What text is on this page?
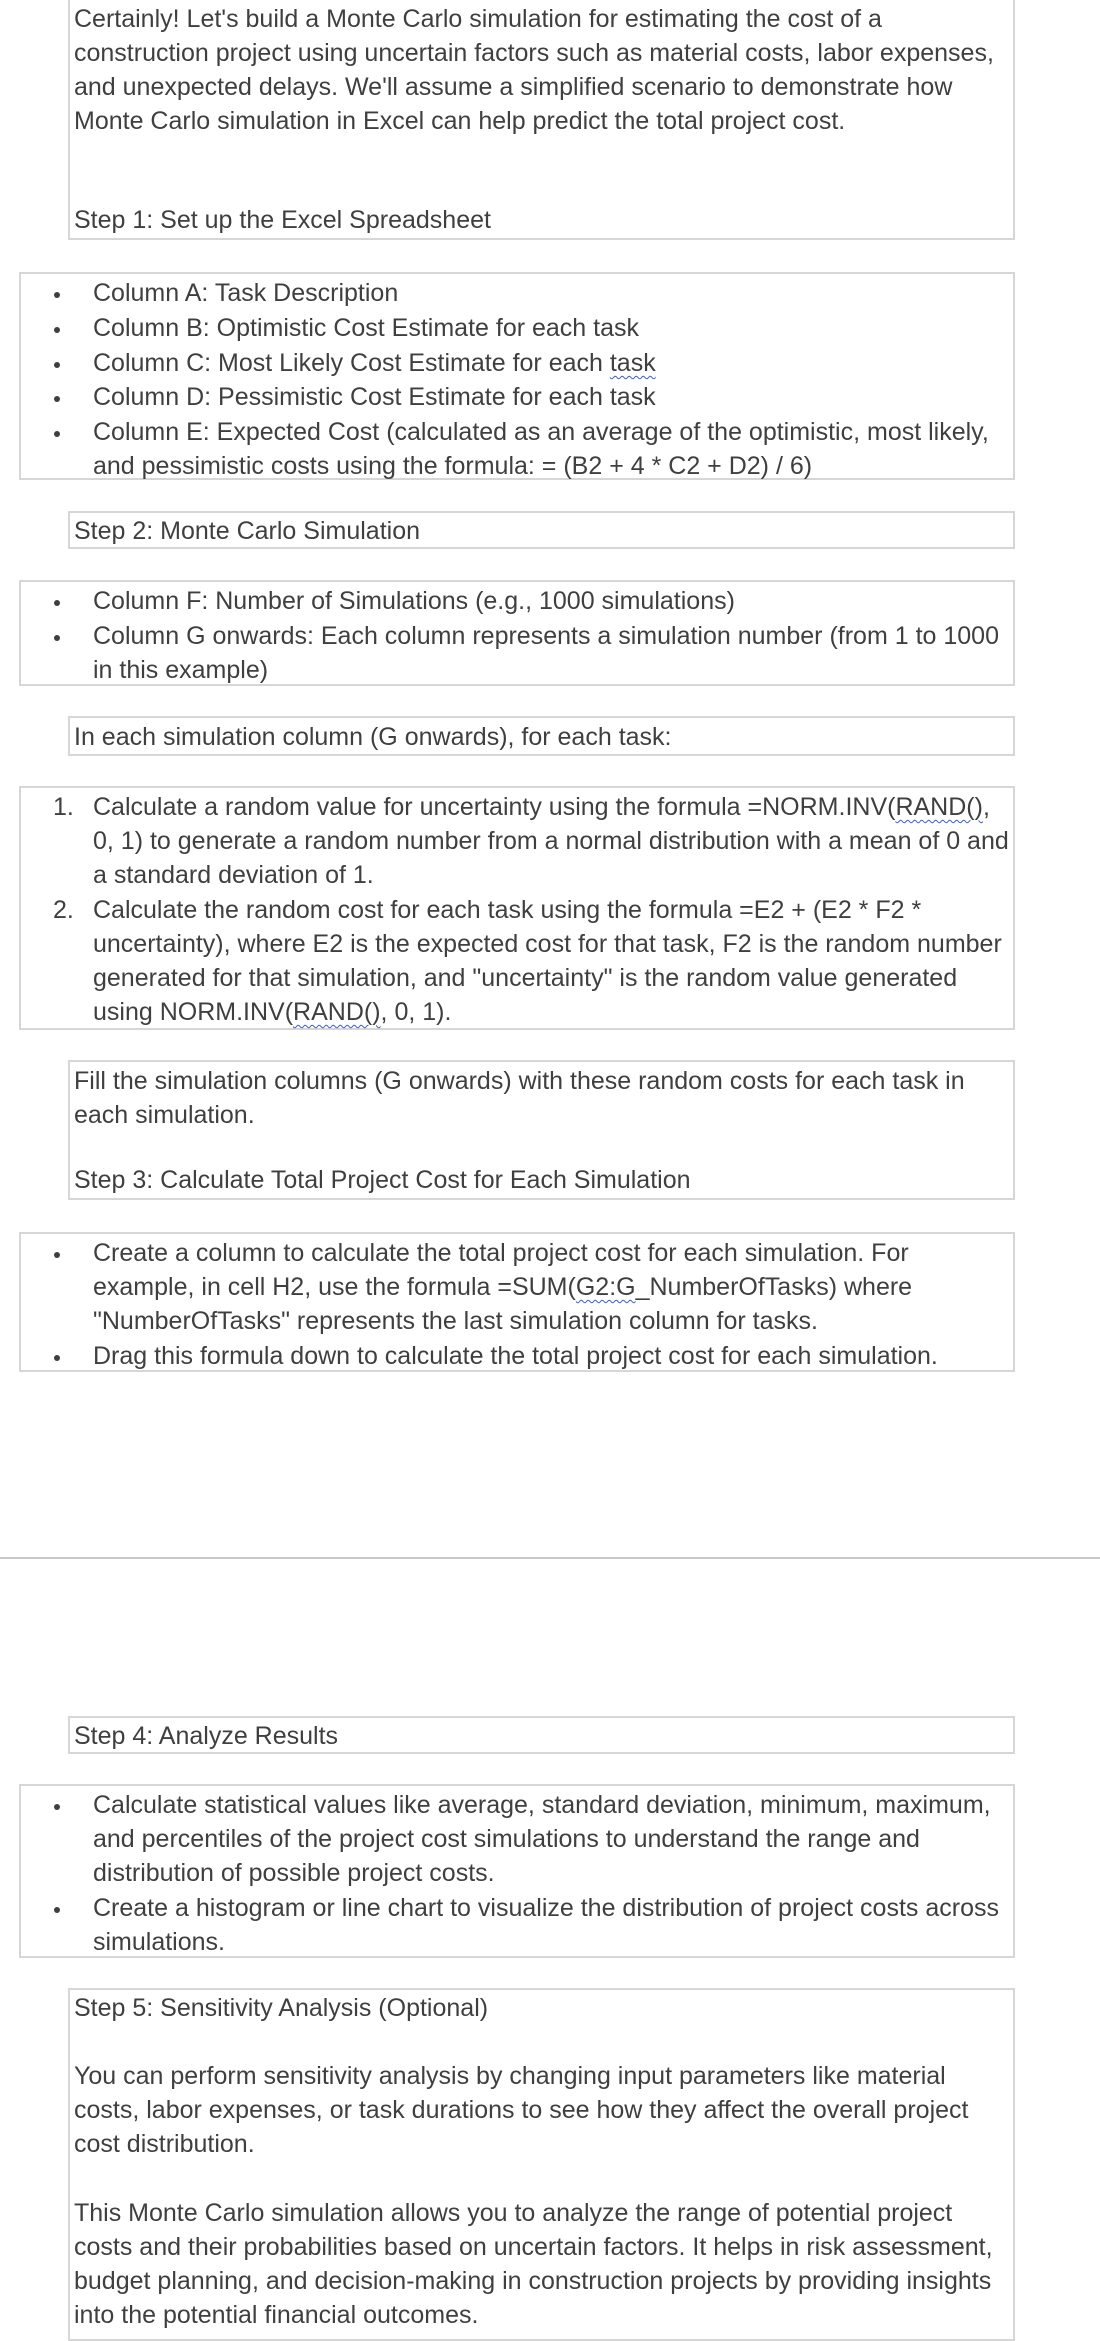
Certainly! Let's build a Monte Carlo simulation for estimating the cost of a construction project using uncertain factors such as material costs, labor expenses, and unexpected delays. We'll assume a simplified scenario to demonstrate how Monte Carlo simulation in Excel can help predict the total project cost.

Step 1: Set up the Excel Spreadsheet

Column A: Task Description
Column B: Optimistic Cost Estimate for each task
Column C: Most Likely Cost Estimate for each task
Column D: Pessimistic Cost Estimate for each task
Column E: Expected Cost (calculated as an average of the optimistic, most likely, and pessimistic costs using the formula: = (B2 + 4 * C2 + D2) / 6)

Step 2: Monte Carlo Simulation

Column F: Number of Simulations (e.g., 1000 simulations)
Column G onwards: Each column represents a simulation number (from 1 to 1000 in this example)

In each simulation column (G onwards), for each task:

1. Calculate a random value for uncertainty using the formula =NORM.INV(RAND(), 0, 1) to generate a random number from a normal distribution with a mean of 0 and a standard deviation of 1.
2. Calculate the random cost for each task using the formula =E2 + (E2 * F2 * uncertainty), where E2 is the expected cost for that task, F2 is the random number generated for that simulation, and "uncertainty" is the random value generated using NORM.INV(RAND(), 0, 1).

Fill the simulation columns (G onwards) with these random costs for each task in each simulation.

Step 3: Calculate Total Project Cost for Each Simulation

Create a column to calculate the total project cost for each simulation. For example, in cell H2, use the formula =SUM(G2:G_NumberOfTasks) where "NumberOfTasks" represents the last simulation column for tasks.
Drag this formula down to calculate the total project cost for each simulation.

Step 4: Analyze Results

Calculate statistical values like average, standard deviation, minimum, maximum, and percentiles of the project cost simulations to understand the range and distribution of possible project costs.
Create a histogram or line chart to visualize the distribution of project costs across simulations.

Step 5: Sensitivity Analysis (Optional)

You can perform sensitivity analysis by changing input parameters like material costs, labor expenses, or task durations to see how they affect the overall project cost distribution.

This Monte Carlo simulation allows you to analyze the range of potential project costs and their probabilities based on uncertain factors. It helps in risk assessment, budget planning, and decision-making in construction projects by providing insights into the potential financial outcomes.
